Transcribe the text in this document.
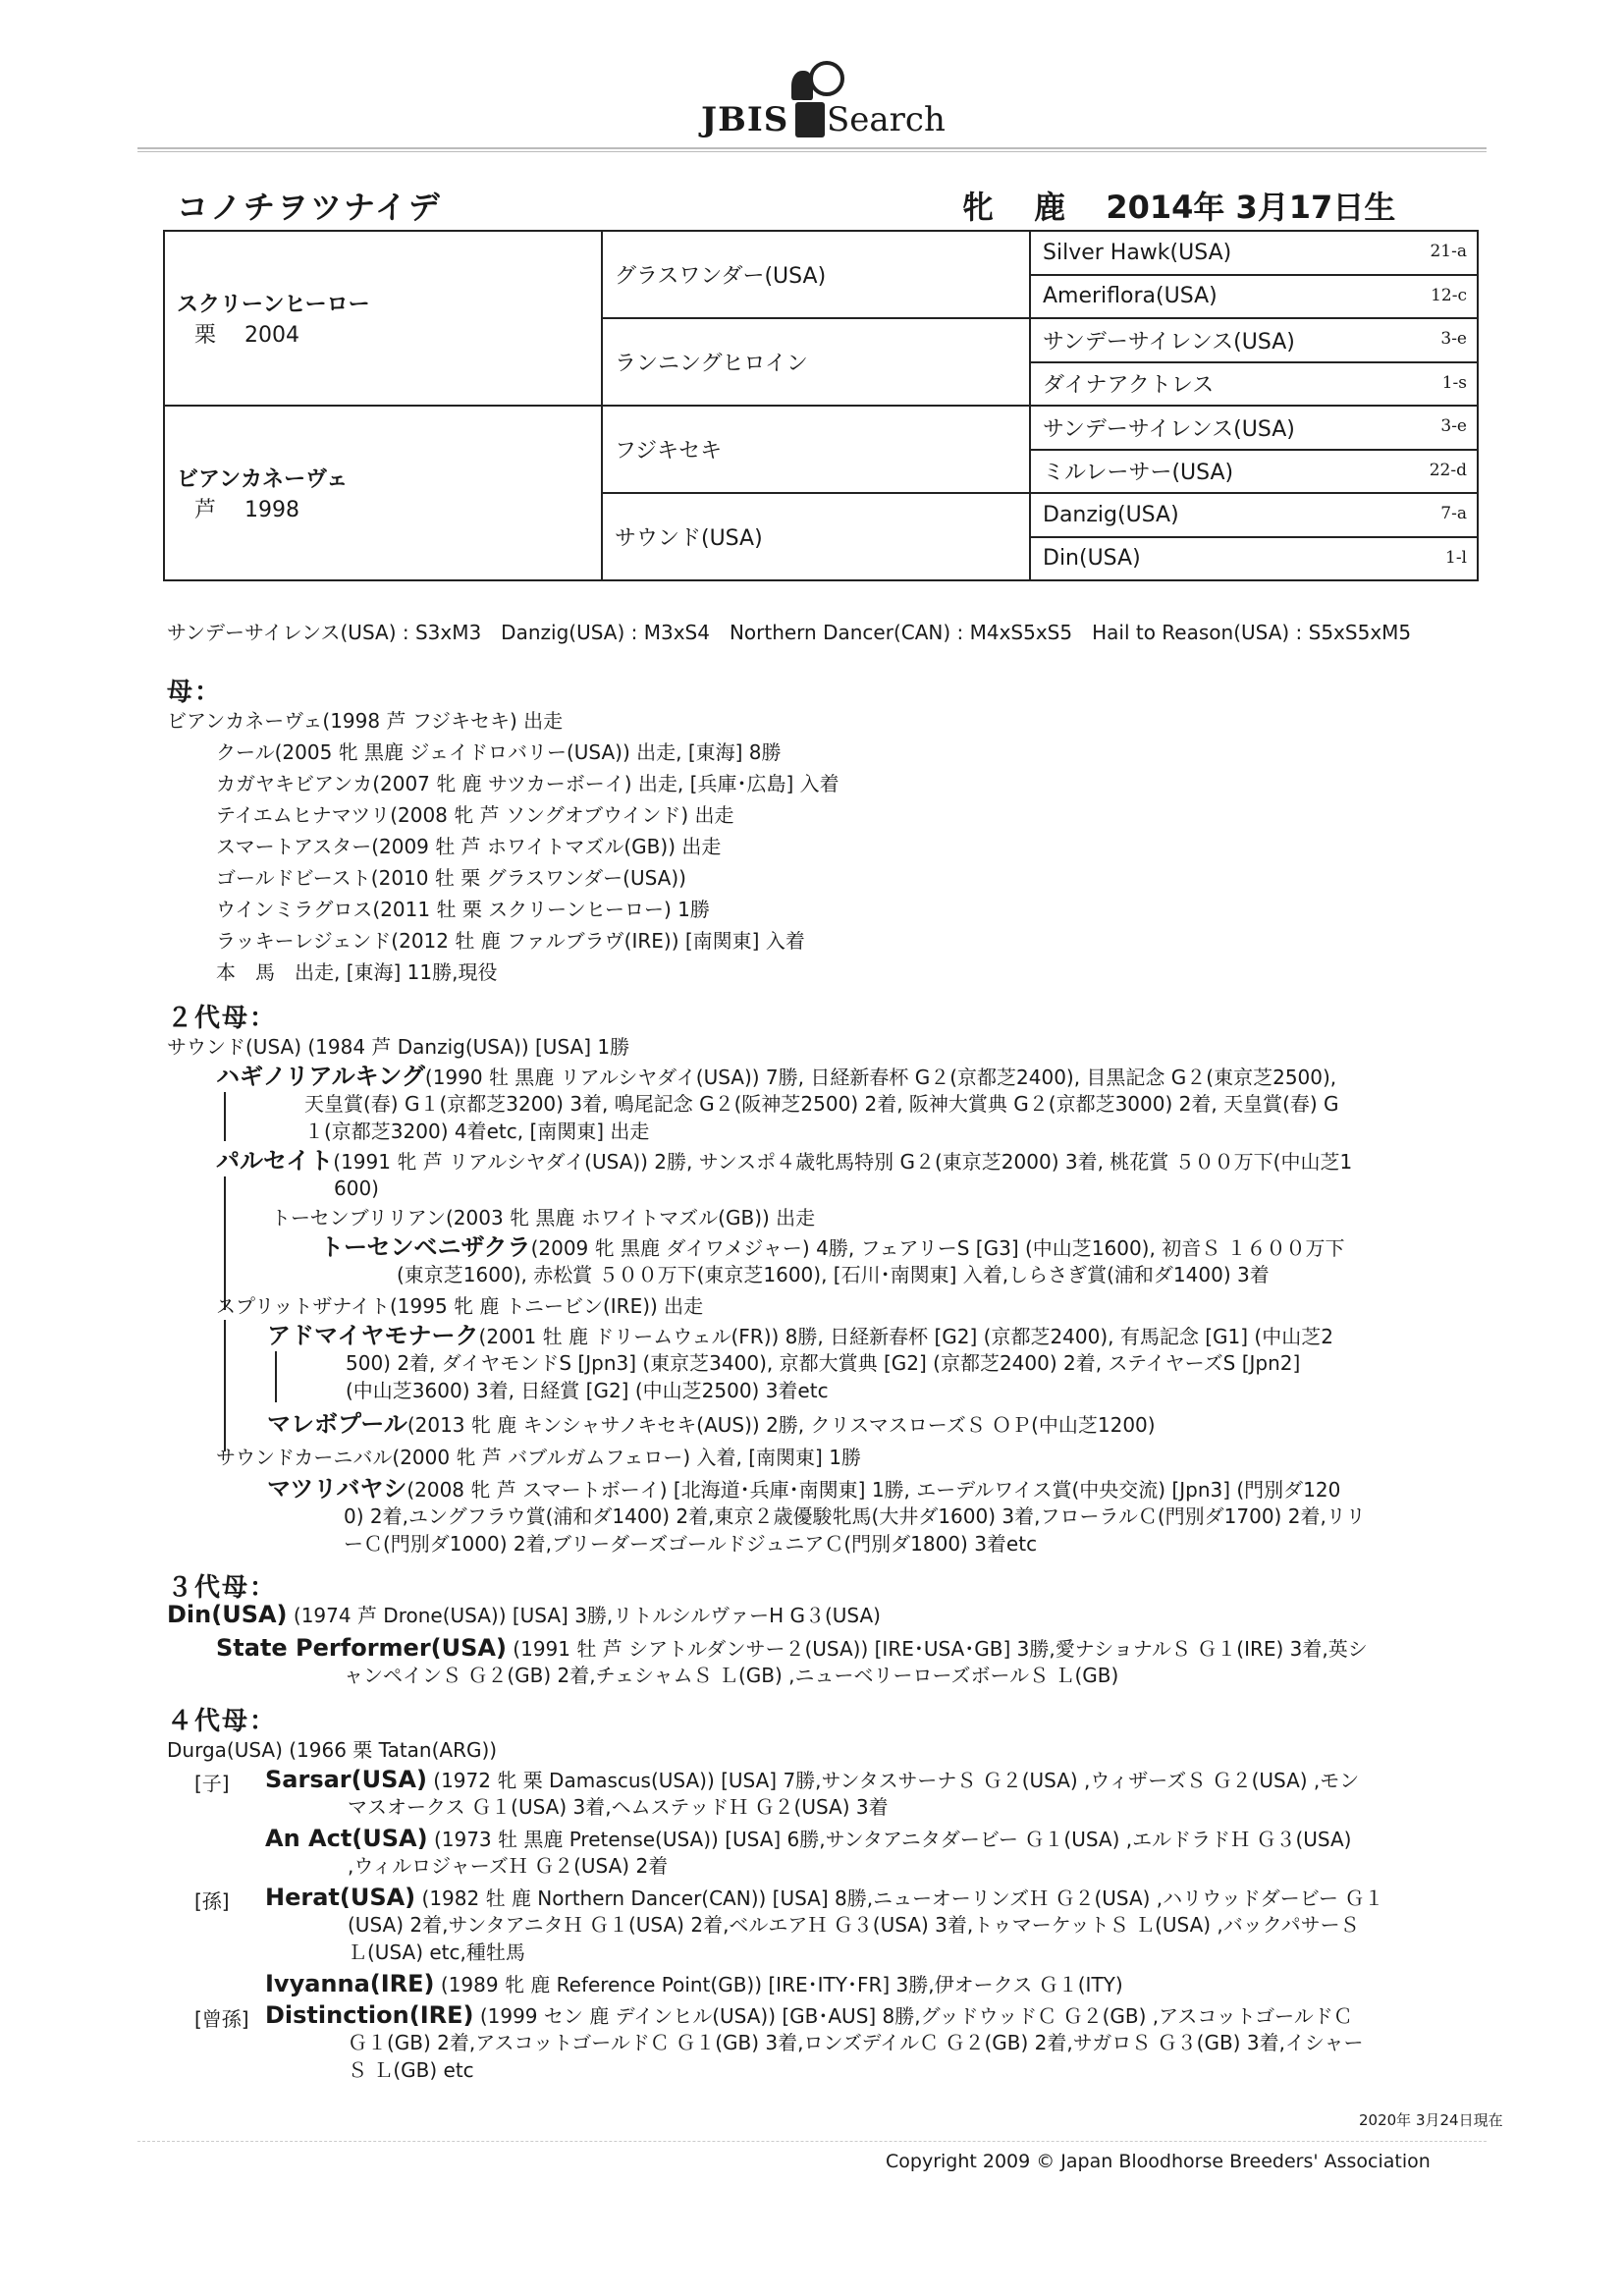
JBIS Search
コノチヲツナイデ	牝 鹿 2014年 3月17日生
スクリーンヒーロー
栗　 2004	グラスワンダー(USA)	Silver Hawk(USA) 21-a

		Ameriflora(USA) 12-c

	ランニングヒロイン	サンデーサイレンス(USA) 3-e

		ダイナアクトレス 1-s

ビアンカネーヴェ
芦　 1998	フジキセキ	サンデーサイレンス(USA) 3-e

		ミルレーサー(USA) 22-d

	サウンド(USA)	Danzig(USA) 7-a

		Din(USA) 1-l
サンデーサイレンス(USA) : S3xM3　Danzig(USA) : M3xS4　Northern Dancer(CAN) : M4xS5xS5　Hail to Reason(USA) : S5xS5xM5
母：
ビアンカネーヴェ(1998 芦 フジキセキ) 出走
クール(2005 牝 黒鹿 ジェイドロバリー(USA)) 出走, [東海] 8勝
カガヤキビアンカ(2007 牝 鹿 サツカーボーイ) 出走, [兵庫･広島] 入着
テイエムヒナマツリ(2008 牝 芦 ソングオブウインド) 出走
スマートアスター(2009 牡 芦 ホワイトマズル(GB)) 出走
ゴールドビースト(2010 牡 栗 グラスワンダー(USA))
ウインミラグロス(2011 牡 栗 スクリーンヒーロー) 1勝
ラッキーレジェンド(2012 牡 鹿 ファルブラヴ(IRE)) [南関東] 入着
本　馬　出走, [東海] 11勝,現役
２代母：
サウンド(USA) (1984 芦 Danzig(USA)) [USA] 1勝
ハギノリアルキング(1990 牡 黒鹿 リアルシヤダイ(USA)) 7勝, 日経新春杯 G２(京都芝2400), 目黒記念 G２(東京芝2500),
天皇賞(春) G１(京都芝3200) 3着, 鳴尾記念 G２(阪神芝2500) 2着, 阪神大賞典 G２(京都芝3000) 2着, 天皇賞(春) G
１(京都芝3200) 4着etc, [南関東] 出走
パルセイト(1991 牝 芦 リアルシヤダイ(USA)) 2勝, サンスポ４歳牝馬特別 G２(東京芝2000) 3着, 桃花賞 ５００万下(中山芝1
600)
トーセンブリリアン(2003 牝 黒鹿 ホワイトマズル(GB)) 出走
トーセンベニザクラ(2009 牝 黒鹿 ダイワメジャー) 4勝, フェアリーS [G3] (中山芝1600), 初音Ｓ １６００万下
(東京芝1600), 赤松賞 ５００万下(東京芝1600), [石川･南関東] 入着,しらさぎ賞(浦和ダ1400) 3着
スプリットザナイト(1995 牝 鹿 トニービン(IRE)) 出走
アドマイヤモナーク(2001 牡 鹿 ドリームウェル(FR)) 8勝, 日経新春杯 [G2] (京都芝2400), 有馬記念 [G1] (中山芝2
500) 2着, ダイヤモンドS [Jpn3] (東京芝3400), 京都大賞典 [G2] (京都芝2400) 2着, ステイヤーズS [Jpn2]
(中山芝3600) 3着, 日経賞 [G2] (中山芝2500) 3着etc
マレボプール(2013 牝 鹿 キンシャサノキセキ(AUS)) 2勝, クリスマスローズＳ ＯＰ(中山芝1200)
サウンドカーニバル(2000 牝 芦 バブルガムフェロー) 入着, [南関東] 1勝
マツリバヤシ(2008 牝 芦 スマートボーイ) [北海道･兵庫･南関東] 1勝, エーデルワイス賞(中央交流) [Jpn3] (門別ダ120
0) 2着,ユングフラウ賞(浦和ダ1400) 2着,東京２歳優駿牝馬(大井ダ1600) 3着,フローラルＣ(門別ダ1700) 2着,リリ
ーＣ(門別ダ1000) 2着,ブリーダーズゴールドジュニアＣ(門別ダ1800) 3着etc
３代母：
Din(USA) (1974 芦 Drone(USA)) [USA] 3勝,リトルシルヴァーH G３(USA)
State Performer(USA) (1991 牡 芦 シアトルダンサー２(USA)) [IRE･USA･GB] 3勝,愛ナショナルＳ Ｇ１(IRE) 3着,英シ
ャンペインＳ Ｇ２(GB) 2着,チェシャムＳ Ｌ(GB) ,ニューベリーローズボールＳ Ｌ(GB)
４代母：
Durga(USA) (1966 栗 Tatan(ARG))
[子] Sarsar(USA) (1972 牝 栗 Damascus(USA)) [USA] 7勝,サンタスサーナＳ Ｇ２(USA) ,ウィザーズＳ Ｇ２(USA) ,モン
マスオークス Ｇ１(USA) 3着,ヘムステッドＨ Ｇ２(USA) 3着
An Act(USA) (1973 牡 黒鹿 Pretense(USA)) [USA] 6勝,サンタアニタダービー Ｇ１(USA) ,エルドラドＨ Ｇ３(USA)
,ウィルロジャーズＨ Ｇ２(USA) 2着
[孫] Herat(USA) (1982 牡 鹿 Northern Dancer(CAN)) [USA] 8勝,ニューオーリンズＨ Ｇ２(USA) ,ハリウッドダービー Ｇ１
(USA) 2着,サンタアニタＨ Ｇ１(USA) 2着,ベルエアＨ Ｇ３(USA) 3着,トゥマーケットＳ Ｌ(USA) ,バックパサーＳ
Ｌ(USA) etc,種牡馬
Ivyanna(IRE) (1989 牝 鹿 Reference Point(GB)) [IRE･ITY･FR] 3勝,伊オークス Ｇ１(ITY)
[曾孫] Distinction(IRE) (1999 セン 鹿 デインヒル(USA)) [GB･AUS] 8勝,グッドウッドＣ Ｇ２(GB) ,アスコットゴールドＣ
Ｇ１(GB) 2着,アスコットゴールドＣ Ｇ１(GB) 3着,ロンズデイルＣ Ｇ２(GB) 2着,サガロＳ Ｇ３(GB) 3着,イシャー
Ｓ Ｌ(GB) etc
2020年 3月24日現在
Copyright 2009 © Japan Bloodhorse Breeders' Association
